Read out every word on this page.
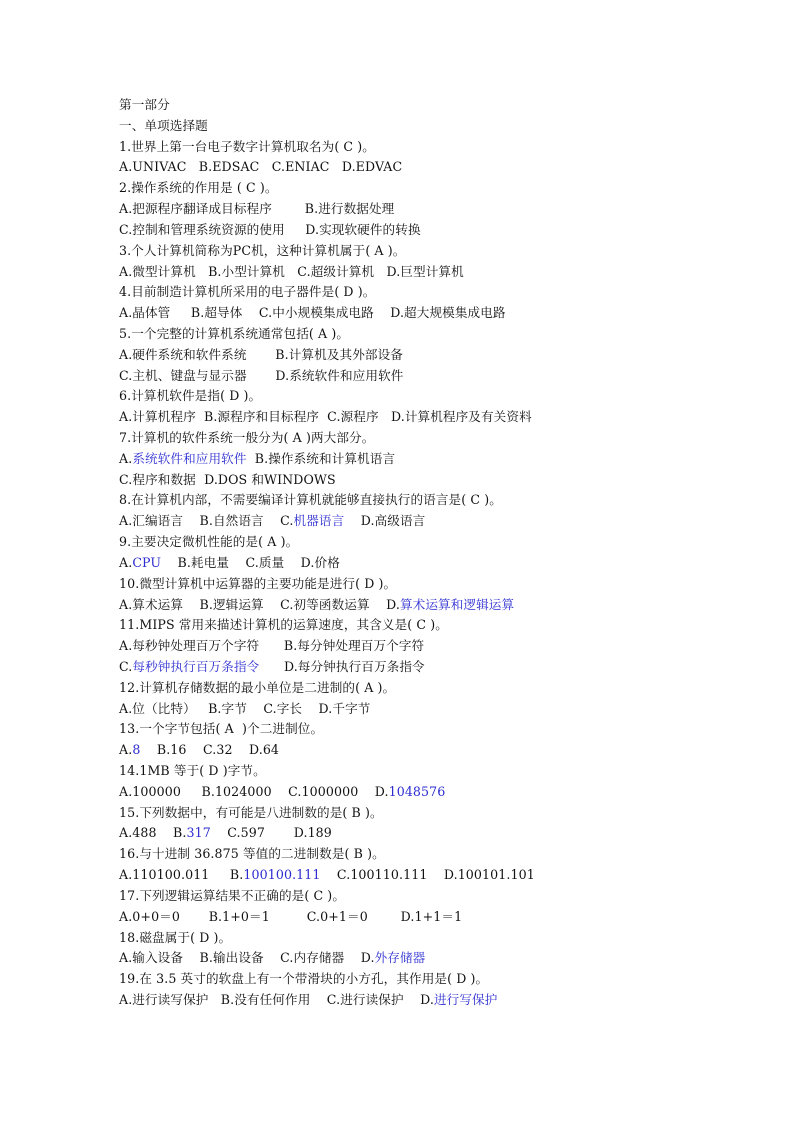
第一部分
一、单项选择题
1.世界上第一台电子数字计算机取名为( C )。
A.UNIVAC   B.EDSAC   C.ENIAC   D.EDVAC
2.操作系统的作用是 ( C )。
A.把源程序翻译成目标程序        B.进行数据处理
C.控制和管理系统资源的使用     D.实现软硬件的转换
3.个人计算机简称为PC机，这种计算机属于( A )。
A.微型计算机   B.小型计算机   C.超级计算机   D.巨型计算机
4.目前制造计算机所采用的电子器件是( D )。
A.晶体管     B.超导体    C.中小规模集成电路    D.超大规模集成电路
5.一个完整的计算机系统通常包括( A )。
A.硬件系统和软件系统       B.计算机及其外部设备
C.主机、键盘与显示器       D.系统软件和应用软件
6.计算机软件是指( D )。
A.计算机程序  B.源程序和目标程序  C.源程序   D.计算机程序及有关资料
7.计算机的软件系统一般分为( A )两大部分。
A.系统软件和应用软件  B.操作系统和计算机语言
C.程序和数据  D.DOS 和WINDOWS
8.在计算机内部，不需要编译计算机就能够直接执行的语言是( C )。
A.汇编语言    B.自然语言    C.机器语言    D.高级语言
9.主要决定微机性能的是( A )。
A.CPU    B.耗电量    C.质量    D.价格
10.微型计算机中运算器的主要功能是进行( D )。
A.算术运算    B.逻辑运算    C.初等函数运算    D.算术运算和逻辑运算
11.MIPS 常用来描述计算机的运算速度，其含义是( C )。
A.每秒钟处理百万个字符      B.每分钟处理百万个字符
C.每秒钟执行百万条指令      D.每分钟执行百万条指令
12.计算机存储数据的最小单位是二进制的( A )。
A.位（比特）   B.字节    C.字长    D.千字节
13.一个字节包括( A  )个二进制位。
A.8    B.16    C.32    D.64
14.1MB 等于( D )字节。
A.100000     B.1024000    C.1000000    D.1048576
15.下列数据中，有可能是八进制数的是( B )。
A.488    B.317    C.597       D.189
16.与十进制 36.875 等值的二进制数是( B )。
A.110100.011     B.100100.111    C.100110.111    D.100101.101
17.下列逻辑运算结果不正确的是( C )。
A.0+0＝0       B.1+0＝1         C.0+1＝0        D.1+1＝1
18.磁盘属于( D )。
A.输入设备    B.输出设备    C.内存储器    D.外存储器
19.在 3.5 英寸的软盘上有一个带滑块的小方孔，其作用是( D )。
A.进行读写保护   B.没有任何作用    C.进行读保护    D.进行写保护
